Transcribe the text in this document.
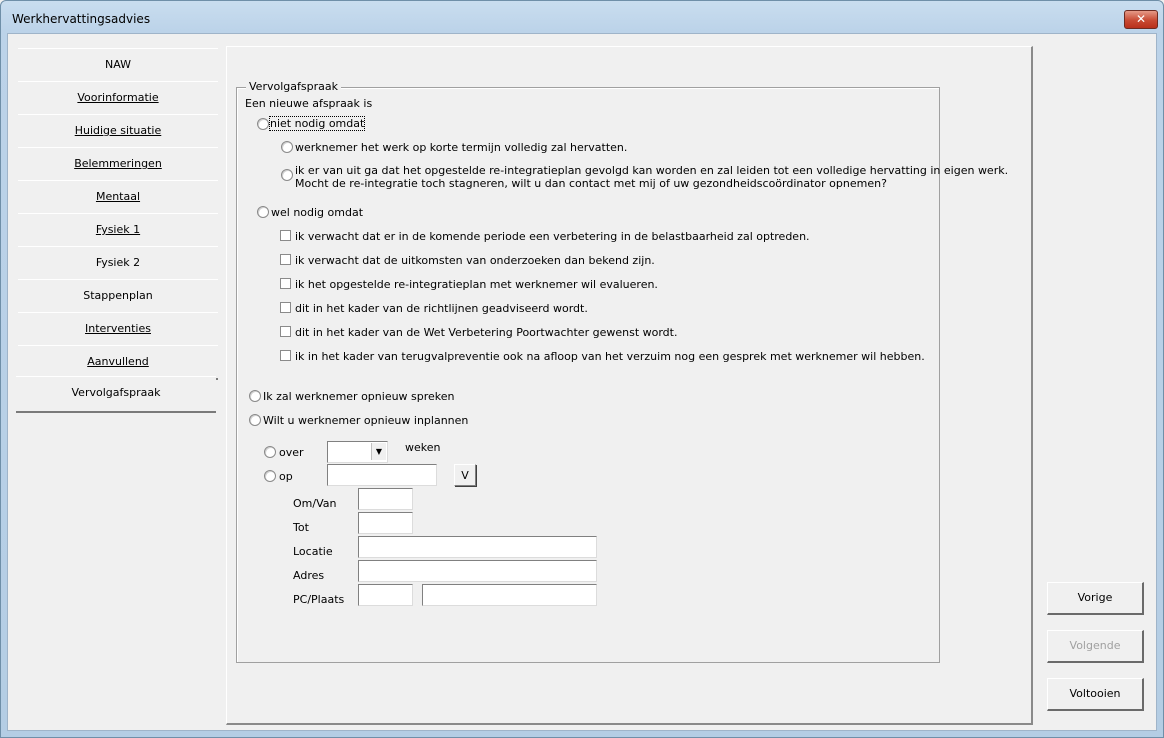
Werkhervattingsadvies	✕
NAW
Voorinformatie
Huidige situatie
Belemmeringen
Mentaal
Fysiek 1
Fysiek 2
Stappenplan
Interventies
Aanvullend
Vervolgafspraak
Vervolgafspraak
Een nieuwe afspraak is
niet nodig omdat
werknemer het werk op korte termijn volledig zal hervatten.
ik er van uit ga dat het opgestelde re-integratieplan gevolgd kan worden en zal leiden tot een volledige hervatting in eigen werk.
Mocht de re-integratie toch stagneren, wilt u dan contact met mij of uw gezondheidscoördinator opnemen?
wel nodig omdat
ik verwacht dat er in de komende periode een verbetering in de belastbaarheid zal optreden.
ik verwacht dat de uitkomsten van onderzoeken dan bekend zijn.
ik het opgestelde re-integratieplan met werknemer wil evalueren.
dit in het kader van de richtlijnen geadviseerd wordt.
dit in het kader van de Wet Verbetering Poortwachter gewenst wordt.
ik in het kader van terugvalpreventie ook na afloop van het verzuim nog een gesprek met werknemer wil hebben.
Ik zal werknemer opnieuw spreken
Wilt u werknemer opnieuw inplannen
over	▼	weken
op	V
Om/Van
Tot
Locatie
Adres
PC/Plaats	Vorige
Volgende
Voltooien
